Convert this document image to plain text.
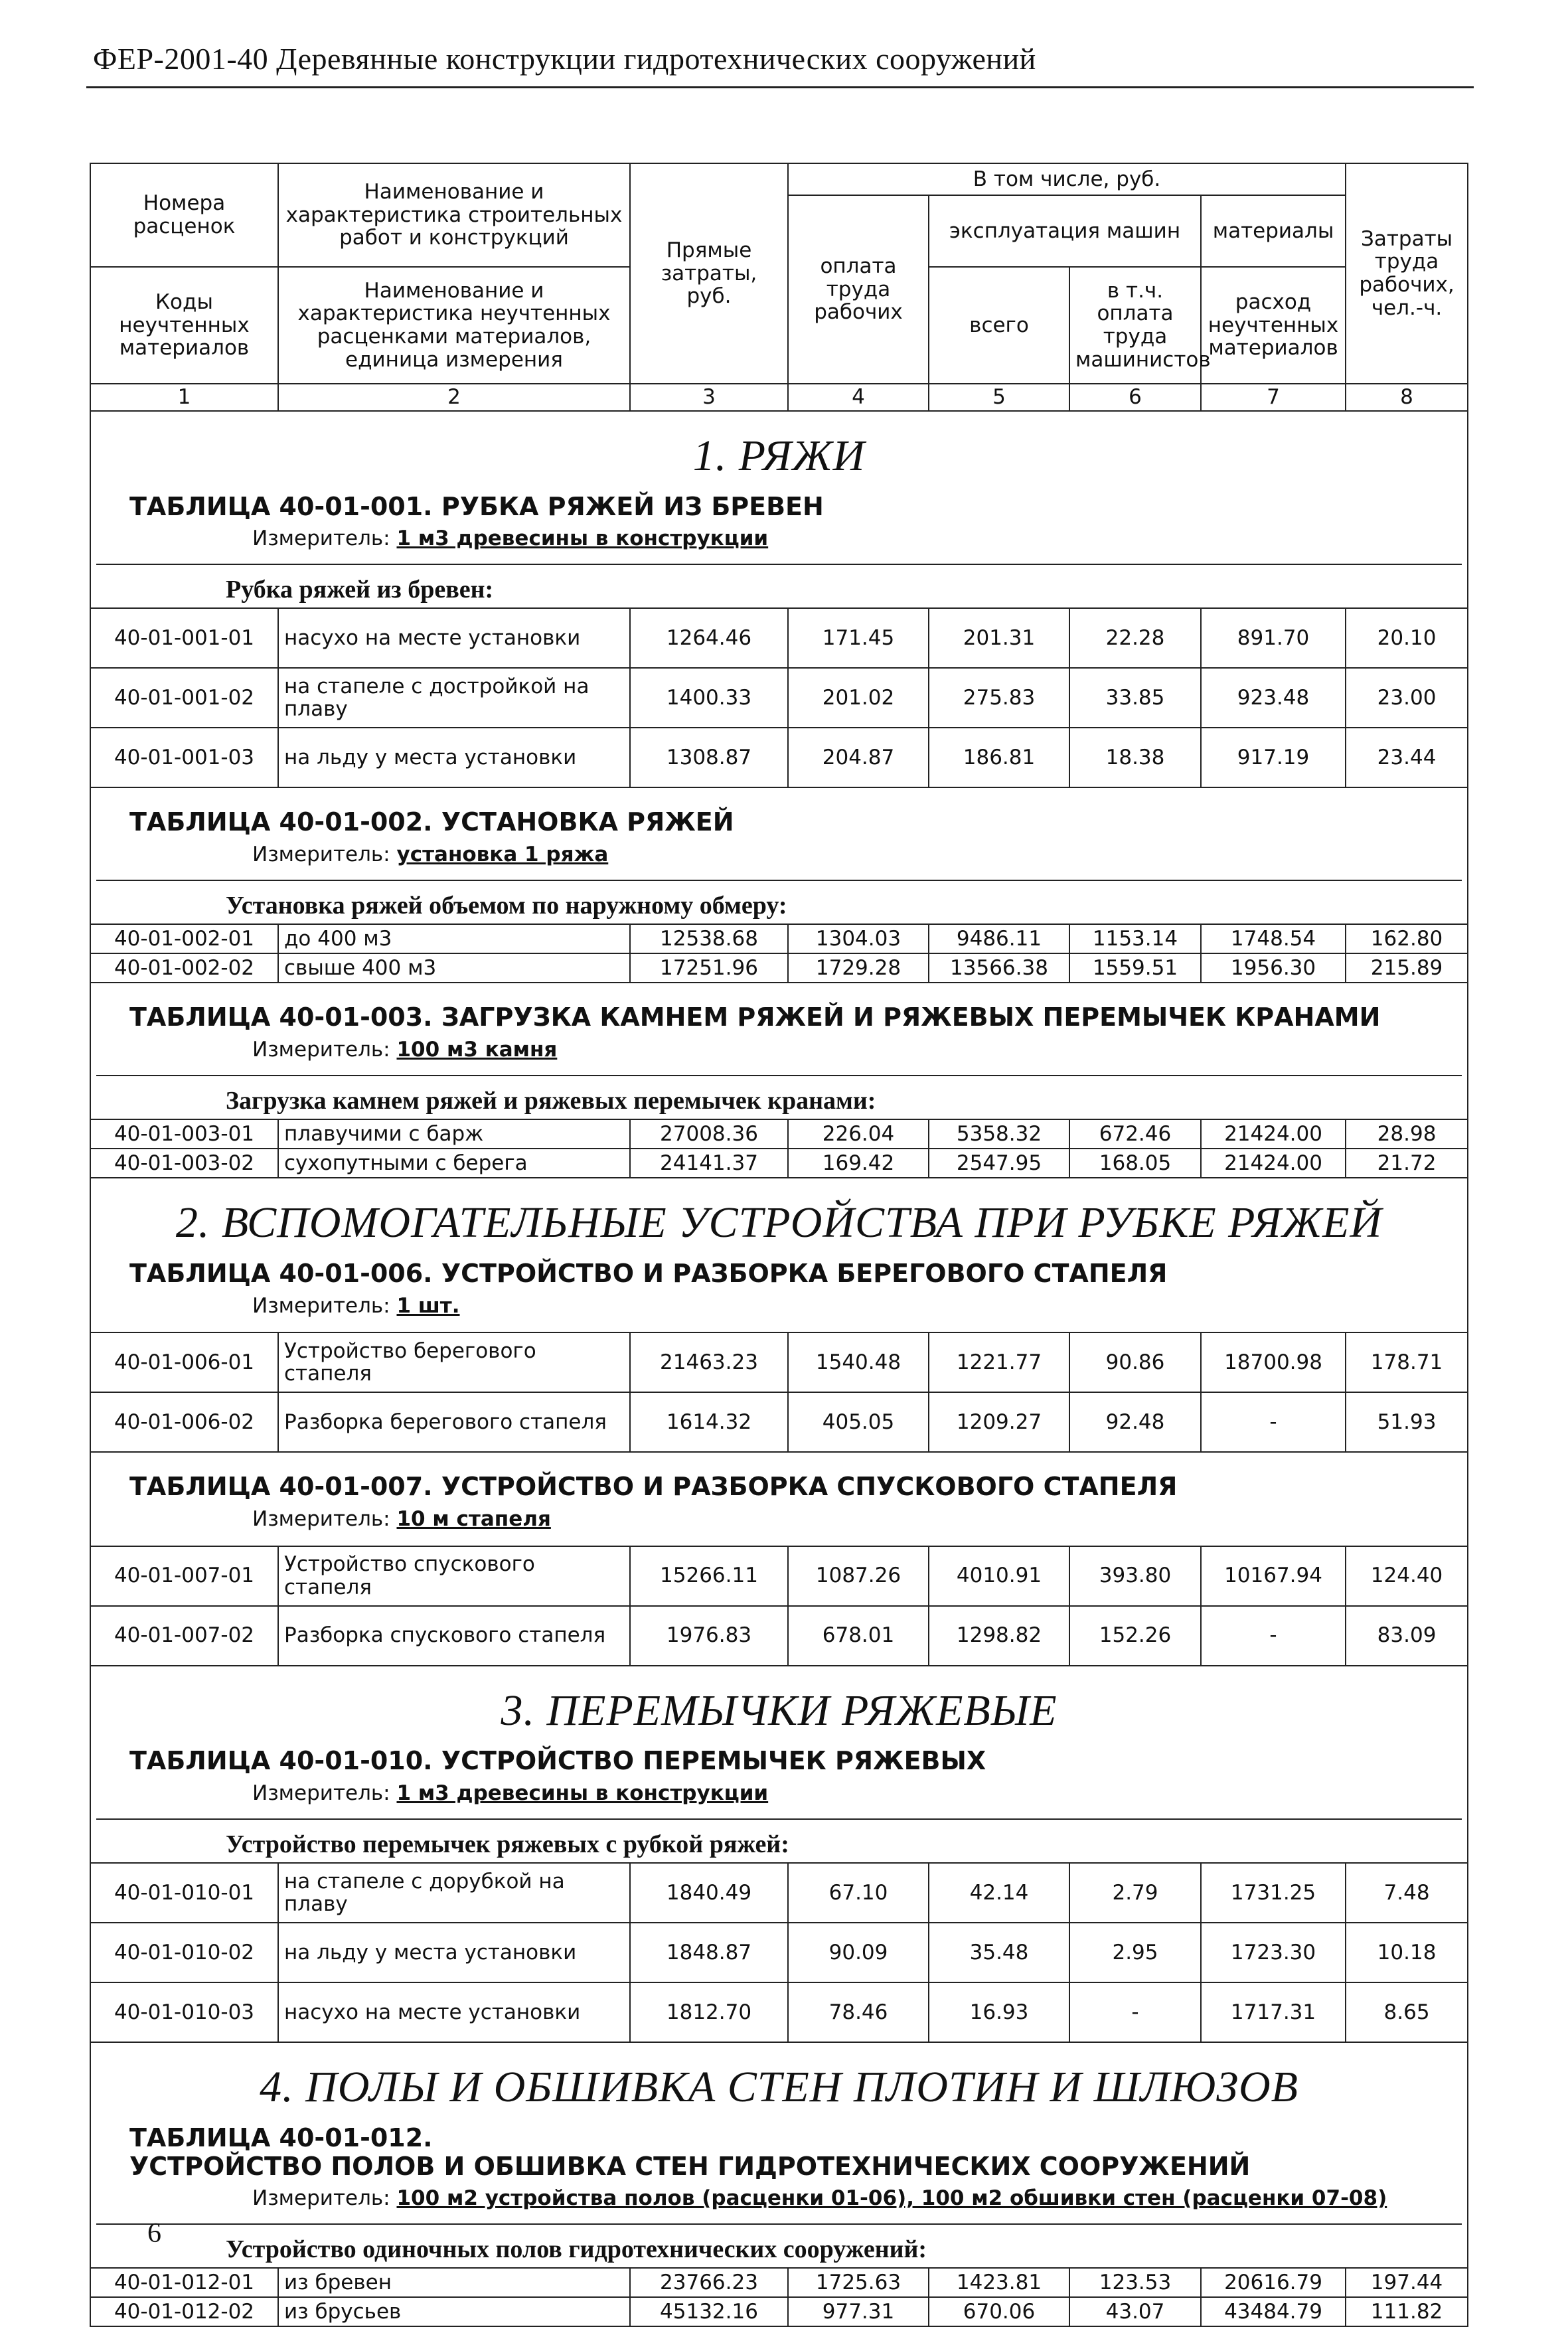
ФЕР-2001-40 Деревянные конструкции гидротехнических сооружений
Номера расценок	Наименование и характеристика строительных работ и конструкций	Прямые затраты, руб.	В том числе, руб.				Затраты труда рабочих, чел.-ч.
			оплата труда рабочих	эксплуатация машин		материалы	
Коды неучтенных материалов	Наименование и характеристика неучтенных расценками материалов, единица измерения			всего	в т.ч. оплата труда машинистов	расход неучтенных материалов	

1	2	3	4	5	6	7	8

1. РЯЖИ
ТАБЛИЦА 40-01-001. РУБКА РЯЖЕЙ ИЗ БРЕВЕН
Измеритель: 1 м3 древесины в конструкции
Рубка ряжей из бревен:							

40-01-001-01	насухо на месте установки	1264.46	171.45	201.31	22.28	891.70	20.10
40-01-001-02	на стапеле с достройкой на плаву	1400.33	201.02	275.83	33.85	923.48	23.00
40-01-001-03	на льду у места установки	1308.87	204.87	186.81	18.38	917.19	23.44

ТАБЛИЦА 40-01-002. УСТАНОВКА РЯЖЕЙ
Измеритель: установка 1 ряжа
Установка ряжей объемом по наружному обмеру:							

40-01-002-01	до 400 м3	12538.68	1304.03	9486.11	1153.14	1748.54	162.80
40-01-002-02	свыше 400 м3	17251.96	1729.28	13566.38	1559.51	1956.30	215.89

ТАБЛИЦА 40-01-003. ЗАГРУЗКА КАМНЕМ РЯЖЕЙ И РЯЖЕВЫХ ПЕРЕМЫЧЕК КРАНАМИ
Измеритель: 100 м3 камня
Загрузка камнем ряжей и ряжевых перемычек кранами:							

40-01-003-01	плавучими с барж	27008.36	226.04	5358.32	672.46	21424.00	28.98
40-01-003-02	сухопутными с берега	24141.37	169.42	2547.95	168.05	21424.00	21.72

2. ВСПОМОГАТЕЛЬНЫЕ УСТРОЙСТВА ПРИ РУБКЕ РЯЖЕЙ
ТАБЛИЦА 40-01-006. УСТРОЙСТВО И РАЗБОРКА БЕРЕГОВОГО СТАПЕЛЯ
Измеритель: 1 шт.							

40-01-006-01	Устройство берегового стапеля	21463.23	1540.48	1221.77	90.86	18700.98	178.71
40-01-006-02	Разборка берегового стапеля	1614.32	405.05	1209.27	92.48	-	51.93

ТАБЛИЦА 40-01-007. УСТРОЙСТВО И РАЗБОРКА СПУСКОВОГО СТАПЕЛЯ
Измеритель: 10 м стапеля							

40-01-007-01	Устройство спускового стапеля	15266.11	1087.26	4010.91	393.80	10167.94	124.40
40-01-007-02	Разборка спускового стапеля	1976.83	678.01	1298.82	152.26	-	83.09

3. ПЕРЕМЫЧКИ РЯЖЕВЫЕ
ТАБЛИЦА 40-01-010. УСТРОЙСТВО ПЕРЕМЫЧЕК РЯЖЕВЫХ
Измеритель: 1 м3 древесины в конструкции
Устройство перемычек ряжевых с рубкой ряжей:							

40-01-010-01	на стапеле с дорубкой на плаву	1840.49	67.10	42.14	2.79	1731.25	7.48
40-01-010-02	на льду у места установки	1848.87	90.09	35.48	2.95	1723.30	10.18
40-01-010-03	насухо на месте установки	1812.70	78.46	16.93	-	1717.31	8.65

4. ПОЛЫ И ОБШИВКА СТЕН ПЛОТИН И ШЛЮЗОВ
ТАБЛИЦА 40-01-012. УСТРОЙСТВО ПОЛОВ И ОБШИВКА СТЕН ГИДРОТЕХНИЧЕСКИХ СООРУЖЕНИЙ
Измеритель: 100 м2 устройства полов (расценки 01-06), 100 м2 обшивки стен (расценки 07-08)
Устройство одиночных полов гидротехнических сооружений:							

40-01-012-01	из бревен	23766.23	1725.63	1423.81	123.53	20616.79	197.44
40-01-012-02	из брусьев	45132.16	977.31	670.06	43.07	43484.79	111.82
6
